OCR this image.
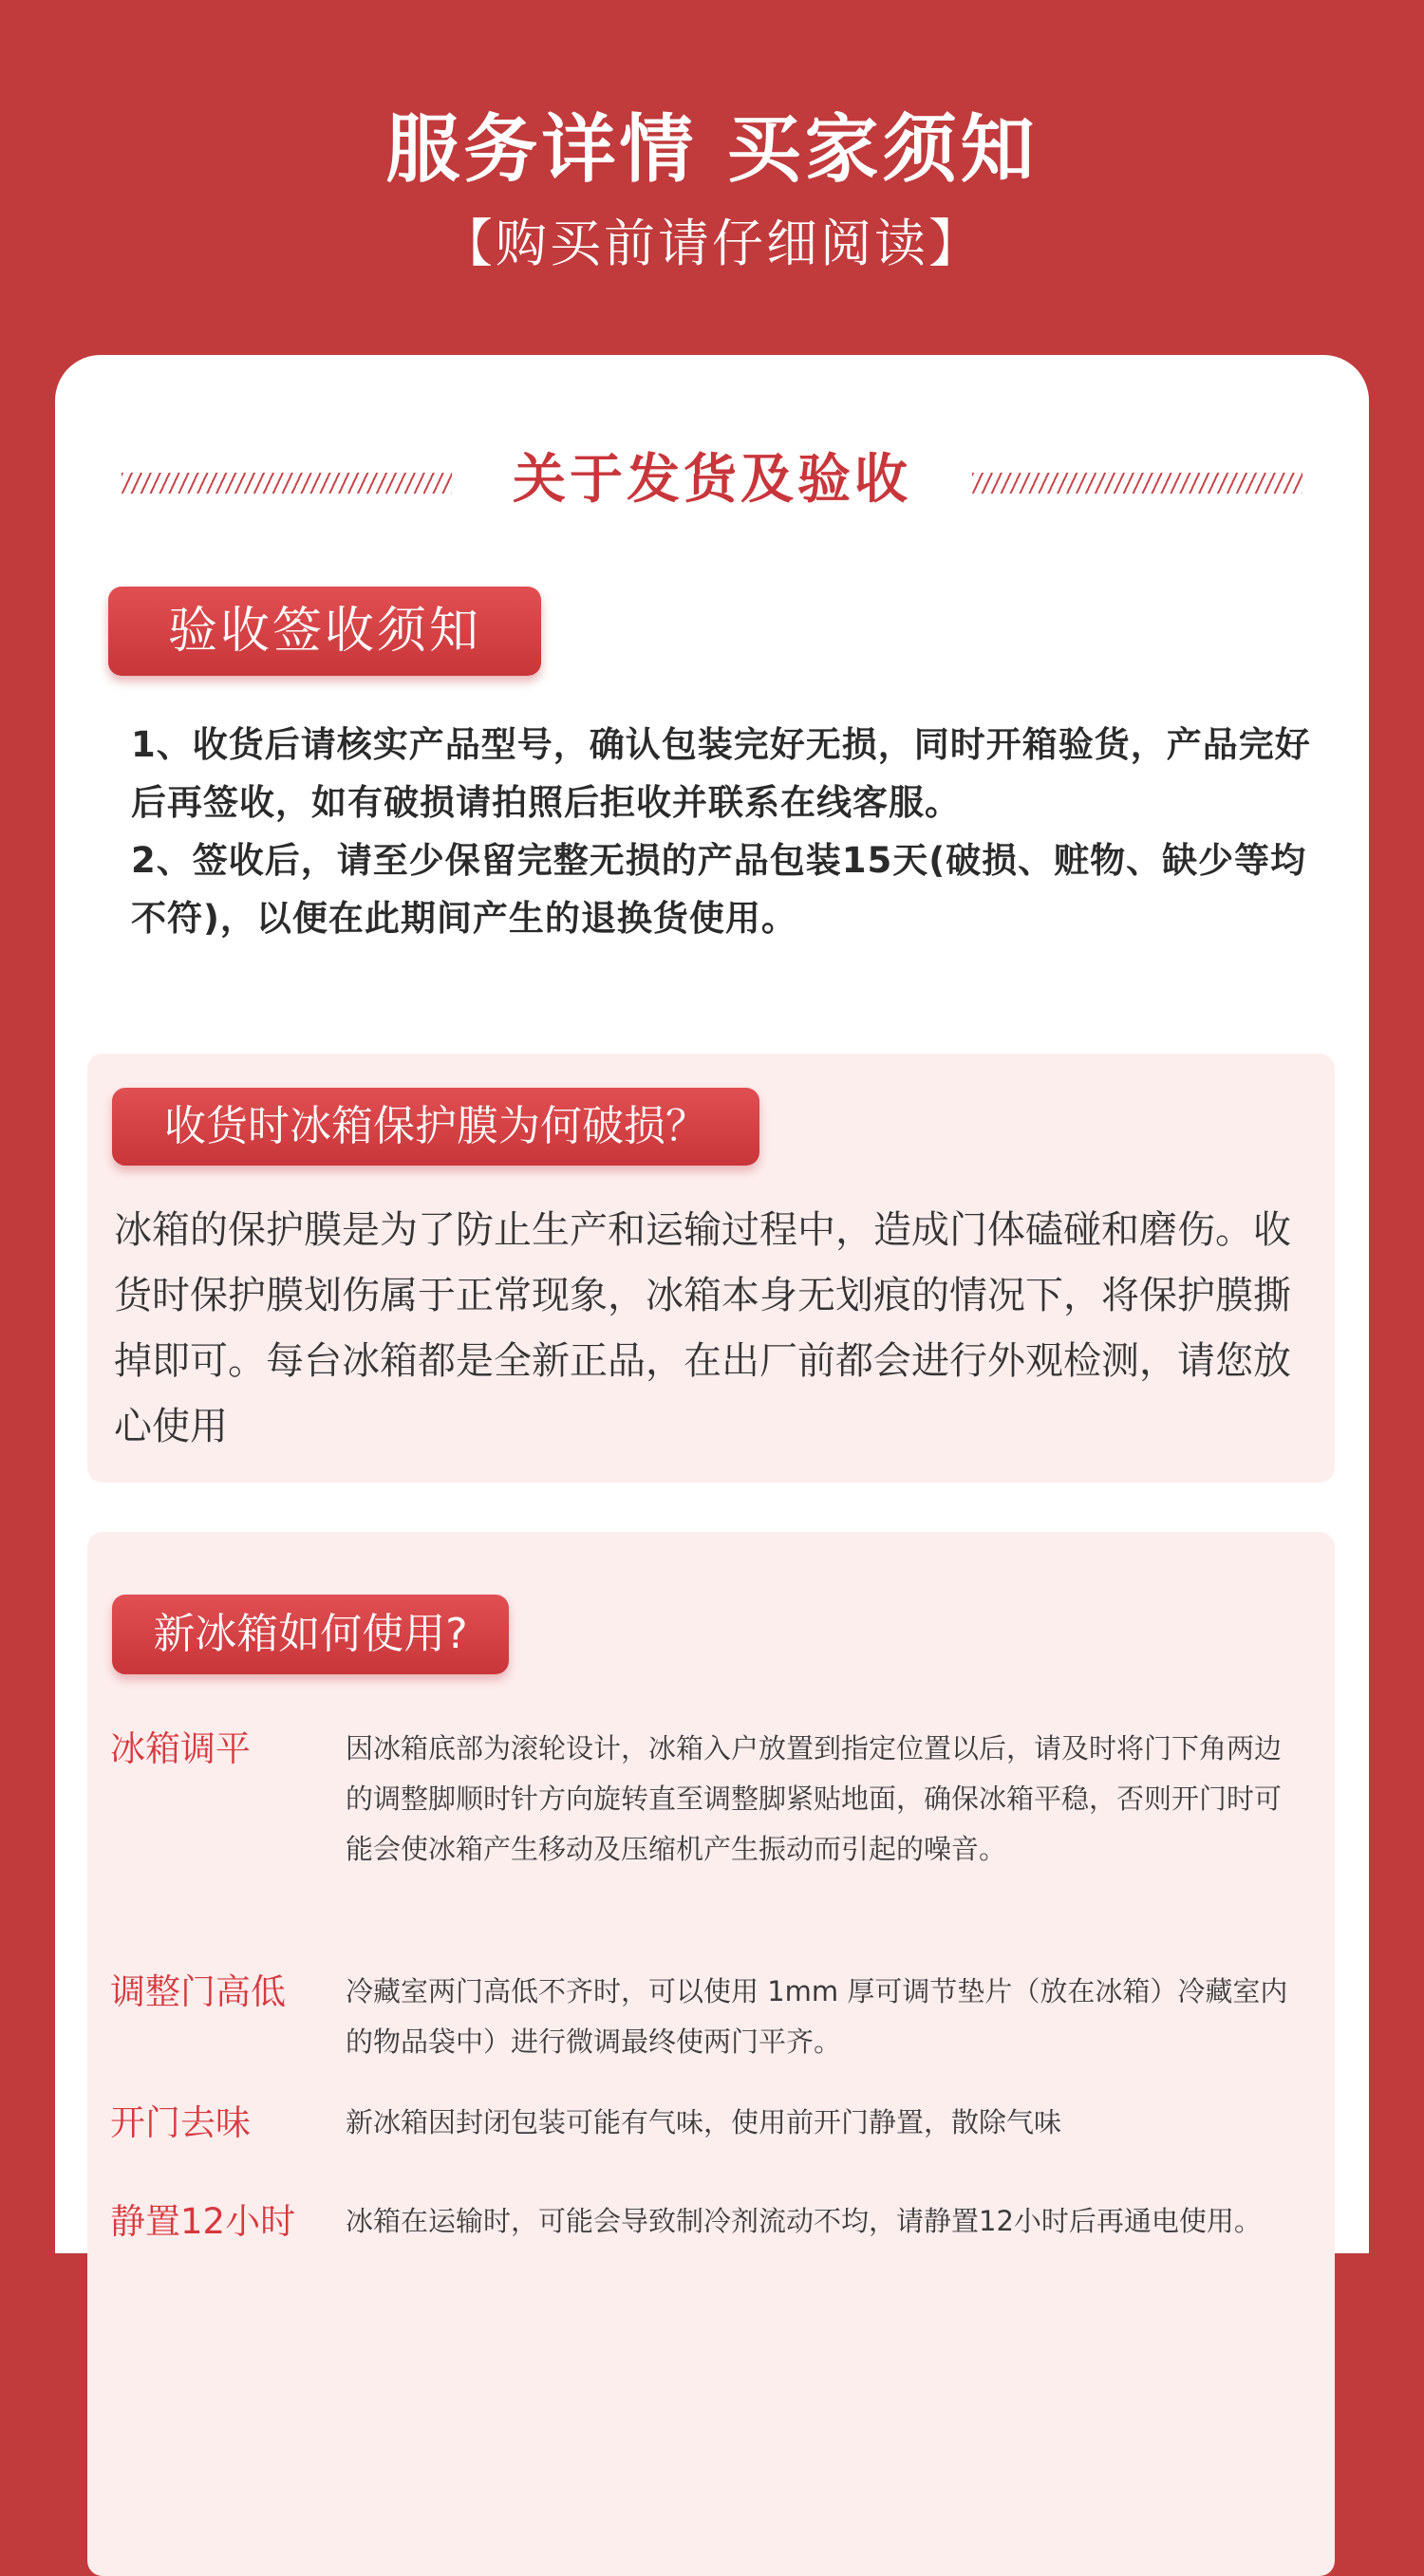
服务详情 买家须知
【购买前请仔细阅读】
关于发货及验收
验收签收须知

1、收货后请核实产品型号，确认包装完好无损，同时开箱验货，产品完好后再签收，如有破损请拍照后拒收并联系在线客服。

2、签收后，请至少保留完整无损的产品包装15天(破损、赃物、缺少等均不符)，以便在此期间产生的退换货使用。

收货时冰箱保护膜为何破损？

冰箱的保护膜是为了防止生产和运输过程中，造成门体磕碰和磨伤。收货时保护膜划伤属于正常现象，冰箱本身无划痕的情况下，将保护膜撕掉即可。每台冰箱都是全新正品，在出厂前都会进行外观检测，请您放心使用

新冰箱如何使用?
冰箱调平	因冰箱底部为滚轮设计，冰箱入户放置到指定位置以后，请及时将门下角两边的调整脚顺时针方向旋转直至调整脚紧贴地面，确保冰箱平稳，否则开门时可能会使冰箱产生移动及压缩机产生振动而引起的噪音。

调整门高低 冷藏室两门高低不齐时，可以使用 1mm 厚可调节垫片（放在冰箱）冷藏室内的物品袋中）进行微调最终使两门平齐。

开门去味	新冰箱因封闭包装可能有气味，使用前开门静置，散除气味

静置12小时 冰箱在运输时，可能会导致制冷剂流动不均，请静置12小时后再通电使用。
